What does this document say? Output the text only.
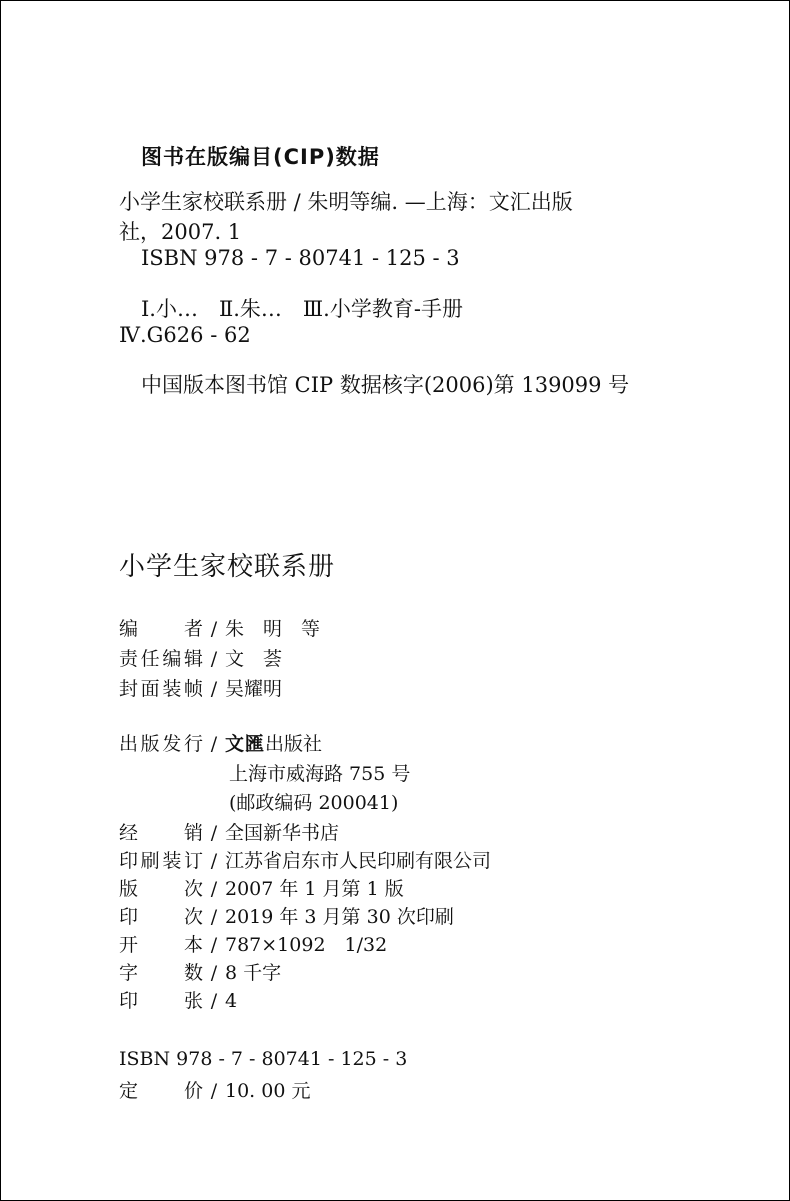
图书在版编目(CIP)数据
小学生家校联系册 / 朱明等编. —上海：文汇出版
社，2007. 1
ISBN 978 - 7 - 80741 - 125 - 3
Ⅰ.小…　Ⅱ.朱…　Ⅲ.小学教育-手册
Ⅳ.G626 - 62
中国版本图书馆 CIP 数据核字(2006)第 139099 号
小学生家校联系册
编者 / 朱　明　等
责任编辑 / 文　荟
封面装帧 / 吴耀明
出版发行 / 文匯出版社
上海市威海路 755 号
(邮政编码 200041)
经销 / 全国新华书店
印刷装订 / 江苏省启东市人民印刷有限公司
版次 / 2007 年 1 月第 1 版
印次 / 2019 年 3 月第 30 次印刷
开本 / 787×1092　1/32
字数 / 8 千字
印张 / 4
ISBN 978 - 7 - 80741 - 125 - 3
定价 / 10. 00 元
